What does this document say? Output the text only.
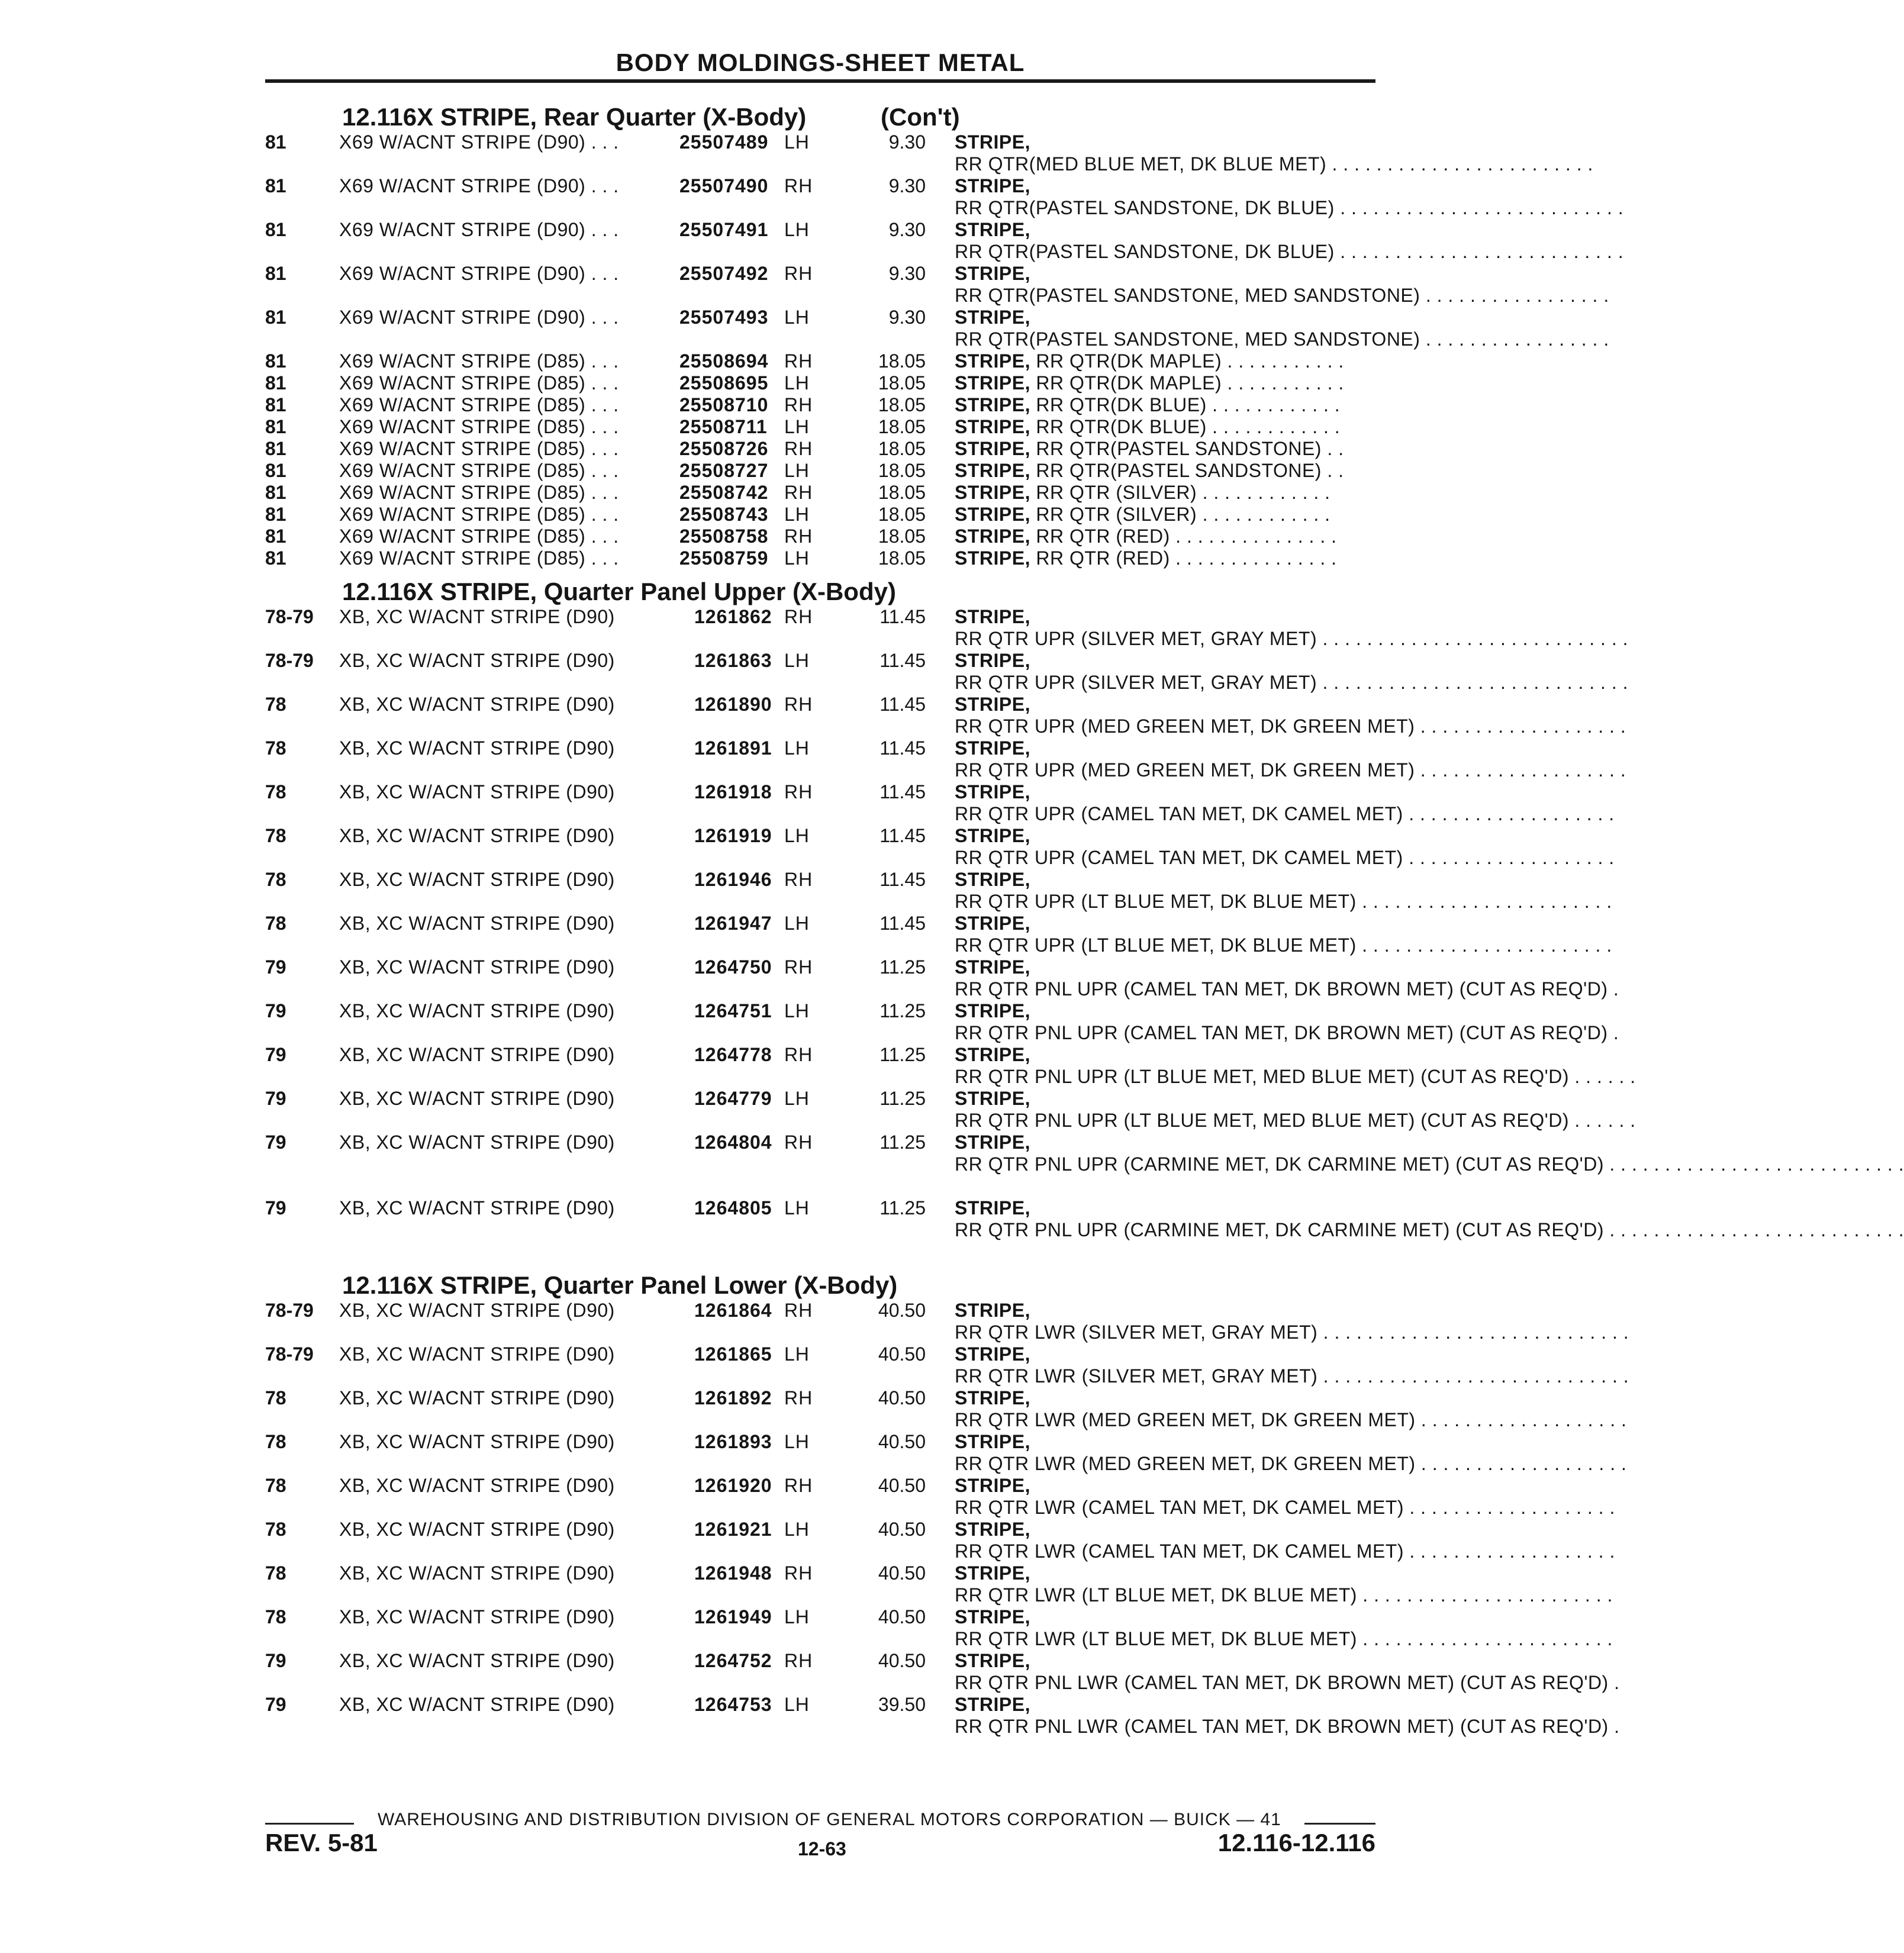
BODY MOLDINGS-SHEET METAL
12.116X STRIPE, Rear Quarter (X-Body)	(Con't)
81	X69 W/ACNT STRIPE (D90) . . .	25507489 LH	9.30 STRIPE, RR QTR(MED BLUE MET, DK BLUE MET) . . . . . . . . . . . . . . . . . . . . . . . .
81	X69 W/ACNT STRIPE (D90) . . .	25507490 RH	9.30 STRIPE, RR QTR(PASTEL SANDSTONE, DK BLUE) . . . . . . . . . . . . . . . . . . . . . . . . . .
81	X69 W/ACNT STRIPE (D90) . . .	25507491 LH	9.30 STRIPE, RR QTR(PASTEL SANDSTONE, DK BLUE) . . . . . . . . . . . . . . . . . . . . . . . . . .
81	X69 W/ACNT STRIPE (D90) . . .	25507492 RH	9.30 STRIPE, RR QTR(PASTEL SANDSTONE, MED SANDSTONE) . . . . . . . . . . . . . . . . .
81	X69 W/ACNT STRIPE (D90) . . .	25507493 LH	9.30 STRIPE, RR QTR(PASTEL SANDSTONE, MED SANDSTONE) . . . . . . . . . . . . . . . . .
81	X69 W/ACNT STRIPE (D85) . . .	25508694 RH	18.05 STRIPE, RR QTR(DK MAPLE) . . . . . . . . . . .
81	X69 W/ACNT STRIPE (D85) . . .	25508695 LH	18.05 STRIPE, RR QTR(DK MAPLE) . . . . . . . . . . .
81	X69 W/ACNT STRIPE (D85) . . .	25508710 RH	18.05 STRIPE, RR QTR(DK BLUE) . . . . . . . . . . . .
81	X69 W/ACNT STRIPE (D85) . . .	25508711 LH	18.05 STRIPE, RR QTR(DK BLUE) . . . . . . . . . . . .
81	X69 W/ACNT STRIPE (D85) . . .	25508726 RH	18.05 STRIPE, RR QTR(PASTEL SANDSTONE) . .
81	X69 W/ACNT STRIPE (D85) . . .	25508727 LH	18.05 STRIPE, RR QTR(PASTEL SANDSTONE) . .
81	X69 W/ACNT STRIPE (D85) . . .	25508742 RH	18.05 STRIPE, RR QTR (SILVER) . . . . . . . . . . . .
81	X69 W/ACNT STRIPE (D85) . . .	25508743 LH	18.05 STRIPE, RR QTR (SILVER) . . . . . . . . . . . .
81	X69 W/ACNT STRIPE (D85) . . .	25508758 RH	18.05 STRIPE, RR QTR (RED) . . . . . . . . . . . . . . .
81	X69 W/ACNT STRIPE (D85) . . .	25508759 LH	18.05 STRIPE, RR QTR (RED) . . . . . . . . . . . . . . .
12.116X STRIPE, Quarter Panel Upper (X-Body)
78-79 XB, XC W/ACNT STRIPE (D90)	1261862 RH	11.45 STRIPE, RR QTR UPR (SILVER MET, GRAY MET) . . . . . . . . . . . . . . . . . . . . . . . . . . . .
78-79 XB, XC W/ACNT STRIPE (D90)	1261863 LH	11.45 STRIPE, RR QTR UPR (SILVER MET, GRAY MET) . . . . . . . . . . . . . . . . . . . . . . . . . . . .
78	XB, XC W/ACNT STRIPE (D90)	1261890 RH	11.45 STRIPE, RR QTR UPR (MED GREEN MET, DK GREEN MET) . . . . . . . . . . . . . . . . . . .
78	XB, XC W/ACNT STRIPE (D90)	1261891 LH	11.45 STRIPE, RR QTR UPR (MED GREEN MET, DK GREEN MET) . . . . . . . . . . . . . . . . . . .
78	XB, XC W/ACNT STRIPE (D90)	1261918 RH	11.45 STRIPE, RR QTR UPR (CAMEL TAN MET, DK CAMEL MET) . . . . . . . . . . . . . . . . . . .
78	XB, XC W/ACNT STRIPE (D90)	1261919 LH	11.45 STRIPE, RR QTR UPR (CAMEL TAN MET, DK CAMEL MET) . . . . . . . . . . . . . . . . . . .
78	XB, XC W/ACNT STRIPE (D90)	1261946 RH	11.45 STRIPE, RR QTR UPR (LT BLUE MET, DK BLUE MET) . . . . . . . . . . . . . . . . . . . . . . .
78	XB, XC W/ACNT STRIPE (D90)	1261947 LH	11.45 STRIPE, RR QTR UPR (LT BLUE MET, DK BLUE MET) . . . . . . . . . . . . . . . . . . . . . . .
79	XB, XC W/ACNT STRIPE (D90)	1264750 RH	11.25 STRIPE, RR QTR PNL UPR (CAMEL TAN MET, DK BROWN MET) (CUT AS REQ'D) .
79	XB, XC W/ACNT STRIPE (D90)	1264751 LH	11.25 STRIPE, RR QTR PNL UPR (CAMEL TAN MET, DK BROWN MET) (CUT AS REQ'D) .
79	XB, XC W/ACNT STRIPE (D90)	1264778 RH	11.25 STRIPE, RR QTR PNL UPR (LT BLUE MET, MED BLUE MET) (CUT AS REQ'D) . . . . . .
79	XB, XC W/ACNT STRIPE (D90)	1264779 LH	11.25 STRIPE, RR QTR PNL UPR (LT BLUE MET, MED BLUE MET) (CUT AS REQ'D) . . . . . .
79	XB, XC W/ACNT STRIPE (D90)	1264804 RH	11.25 STRIPE, RR QTR PNL UPR (CARMINE MET, DK CARMINE MET) (CUT AS REQ'D) . . . . . . . . . . . . . . . . . . . . . . . . . . .
79	XB, XC W/ACNT STRIPE (D90)	1264805 LH	11.25 STRIPE, RR QTR PNL UPR (CARMINE MET, DK CARMINE MET) (CUT AS REQ'D) . . . . . . . . . . . . . . . . . . . . . . . . . . .
12.116X STRIPE, Quarter Panel Lower (X-Body)
78-79 XB, XC W/ACNT STRIPE (D90)	1261864 RH	40.50 STRIPE, RR QTR LWR (SILVER MET, GRAY MET) . . . . . . . . . . . . . . . . . . . . . . . . . . . .
78-79 XB, XC W/ACNT STRIPE (D90)	1261865 LH	40.50 STRIPE, RR QTR LWR (SILVER MET, GRAY MET) . . . . . . . . . . . . . . . . . . . . . . . . . . . .
78	XB, XC W/ACNT STRIPE (D90)	1261892 RH	40.50 STRIPE, RR QTR LWR (MED GREEN MET, DK GREEN MET) . . . . . . . . . . . . . . . . . . .
78	XB, XC W/ACNT STRIPE (D90)	1261893 LH	40.50 STRIPE, RR QTR LWR (MED GREEN MET, DK GREEN MET) . . . . . . . . . . . . . . . . . . .
78	XB, XC W/ACNT STRIPE (D90)	1261920 RH	40.50 STRIPE, RR QTR LWR (CAMEL TAN MET, DK CAMEL MET) . . . . . . . . . . . . . . . . . . .
78	XB, XC W/ACNT STRIPE (D90)	1261921 LH	40.50 STRIPE, RR QTR LWR (CAMEL TAN MET, DK CAMEL MET) . . . . . . . . . . . . . . . . . . .
78	XB, XC W/ACNT STRIPE (D90)	1261948 RH	40.50 STRIPE, RR QTR LWR (LT BLUE MET, DK BLUE MET) . . . . . . . . . . . . . . . . . . . . . . .
78	XB, XC W/ACNT STRIPE (D90)	1261949 LH	40.50 STRIPE, RR QTR LWR (LT BLUE MET, DK BLUE MET) . . . . . . . . . . . . . . . . . . . . . . .
79	XB, XC W/ACNT STRIPE (D90)	1264752 RH	40.50 STRIPE, RR QTR PNL LWR (CAMEL TAN MET, DK BROWN MET) (CUT AS REQ'D) .
79	XB, XC W/ACNT STRIPE (D90)	1264753 LH	39.50 STRIPE, RR QTR PNL LWR (CAMEL TAN MET, DK BROWN MET) (CUT AS REQ'D) .
WAREHOUSING AND DISTRIBUTION DIVISION OF GENERAL MOTORS CORPORATION — BUICK — 41
REV. 5-81	12-63	12.116-12.116
